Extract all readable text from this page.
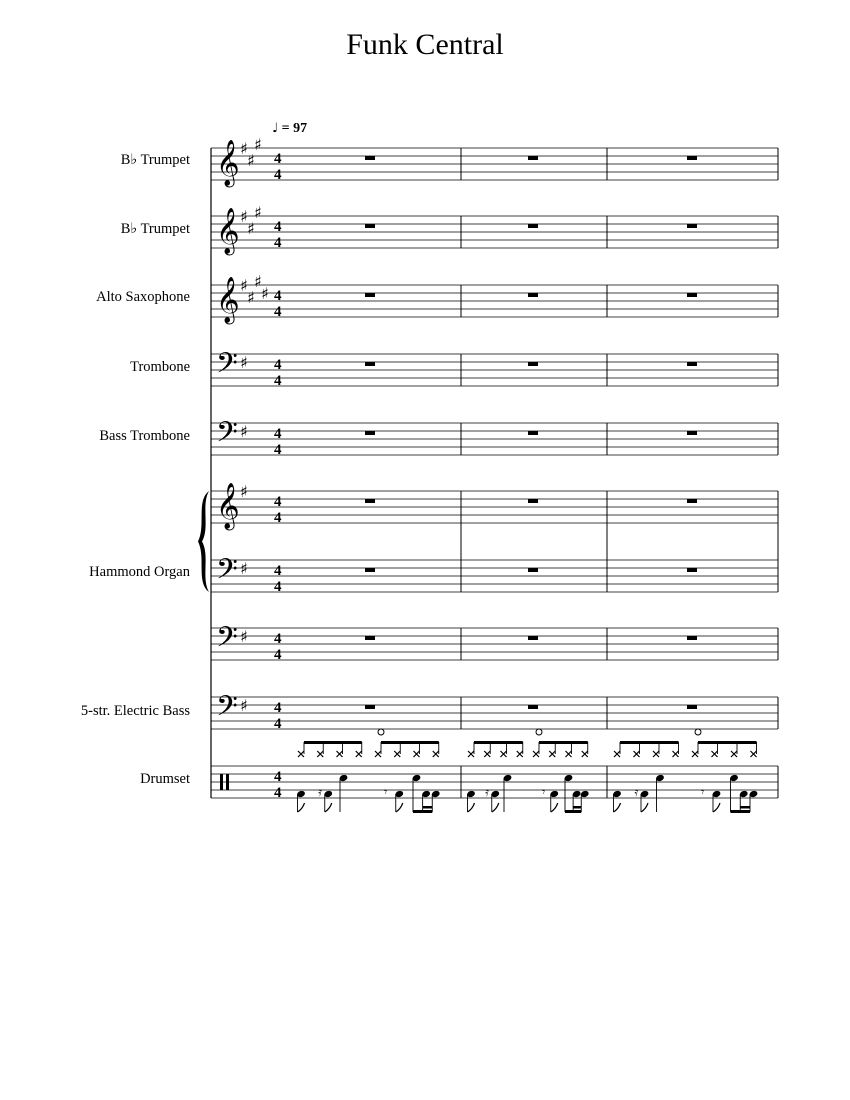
Funk Central
♩ = 97
B♭ Trumpet
B♭ Trumpet
Alto Saxophone
Trombone
Bass Trombone
Hammond Organ
5-str. Electric Bass
Drumset
𝄞 ♯
♯
♯
4
4
𝄞 ♯
♯
♯
4
4
𝄞 ♯
♯
♯
♯ 4
4
𝄢 ♯ 4
4
𝄢 ♯ 4
4
𝄞 ♯
4
4
𝄢 ♯ 4
4
𝄢 ♯ 4
4
𝄢 ♯ 4
4
4
4	𝄿	𝄾	𝄿	𝄾	𝄿	𝄾
